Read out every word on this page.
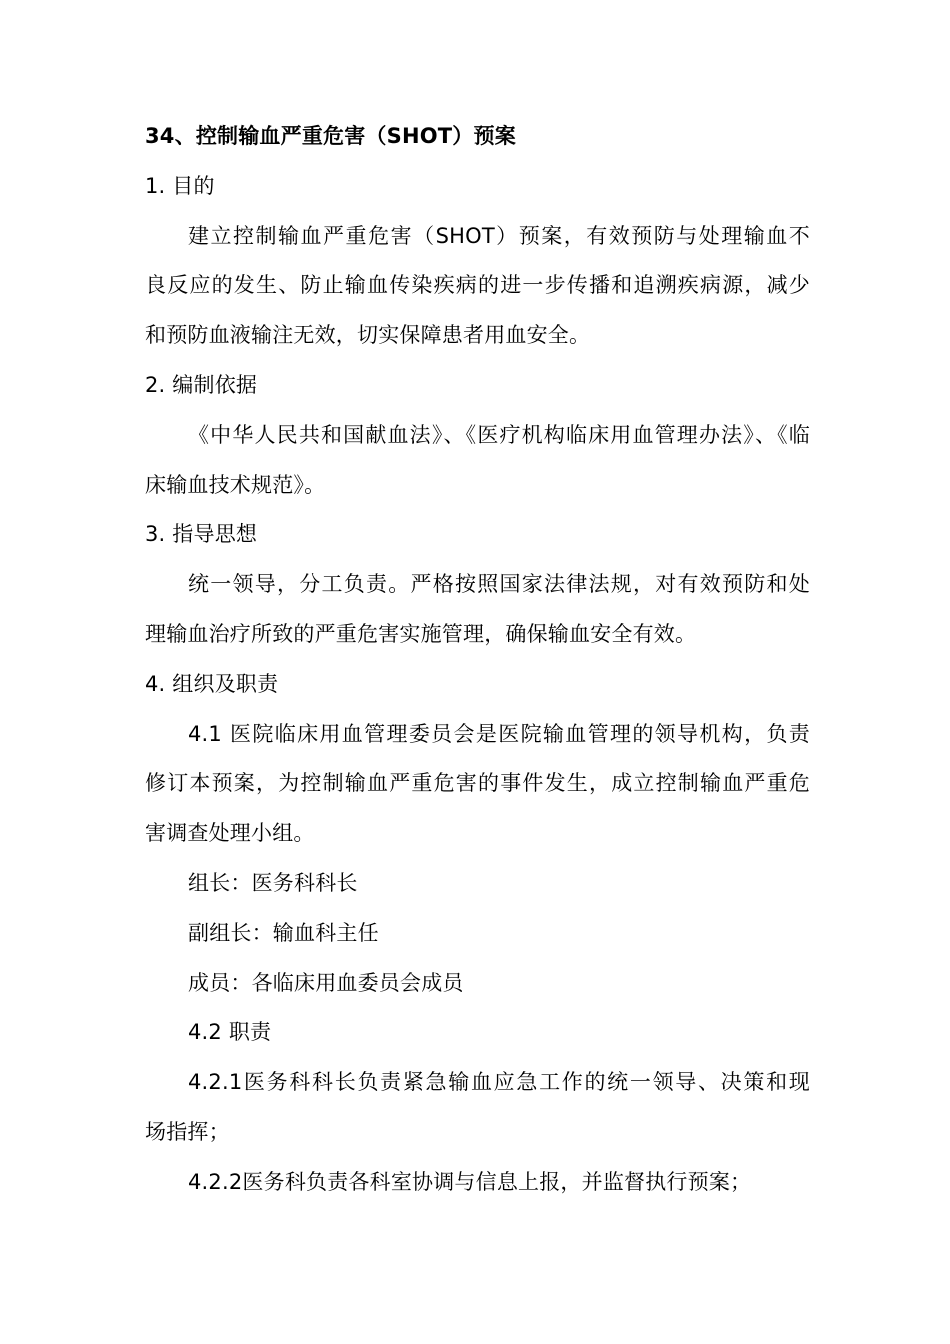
34、控制输血严重危害（SHOT）预案
1. 目的
建立控制输血严重危害（SHOT）预案，有效预防与处理输血不
良反应的发生、防止输血传染疾病的进一步传播和追溯疾病源，减少
和预防血液输注无效，切实保障患者用血安全。
2. 编制依据
《中华人民共和国献血法》、《医疗机构临床用血管理办法》、《临
床输血技术规范》。
3. 指导思想
统一领导，分工负责。严格按照国家法律法规，对有效预防和处
理输血治疗所致的严重危害实施管理，确保输血安全有效。
4. 组织及职责
4.1 医院临床用血管理委员会是医院输血管理的领导机构，负责
修订本预案，为控制输血严重危害的事件发生，成立控制输血严重危
害调查处理小组。
组长：医务科科长
副组长：输血科主任
成员：各临床用血委员会成员
4.2 职责
4.2.1医务科科长负责紧急输血应急工作的统一领导、决策和现
场指挥；
4.2.2医务科负责各科室协调与信息上报，并监督执行预案；
